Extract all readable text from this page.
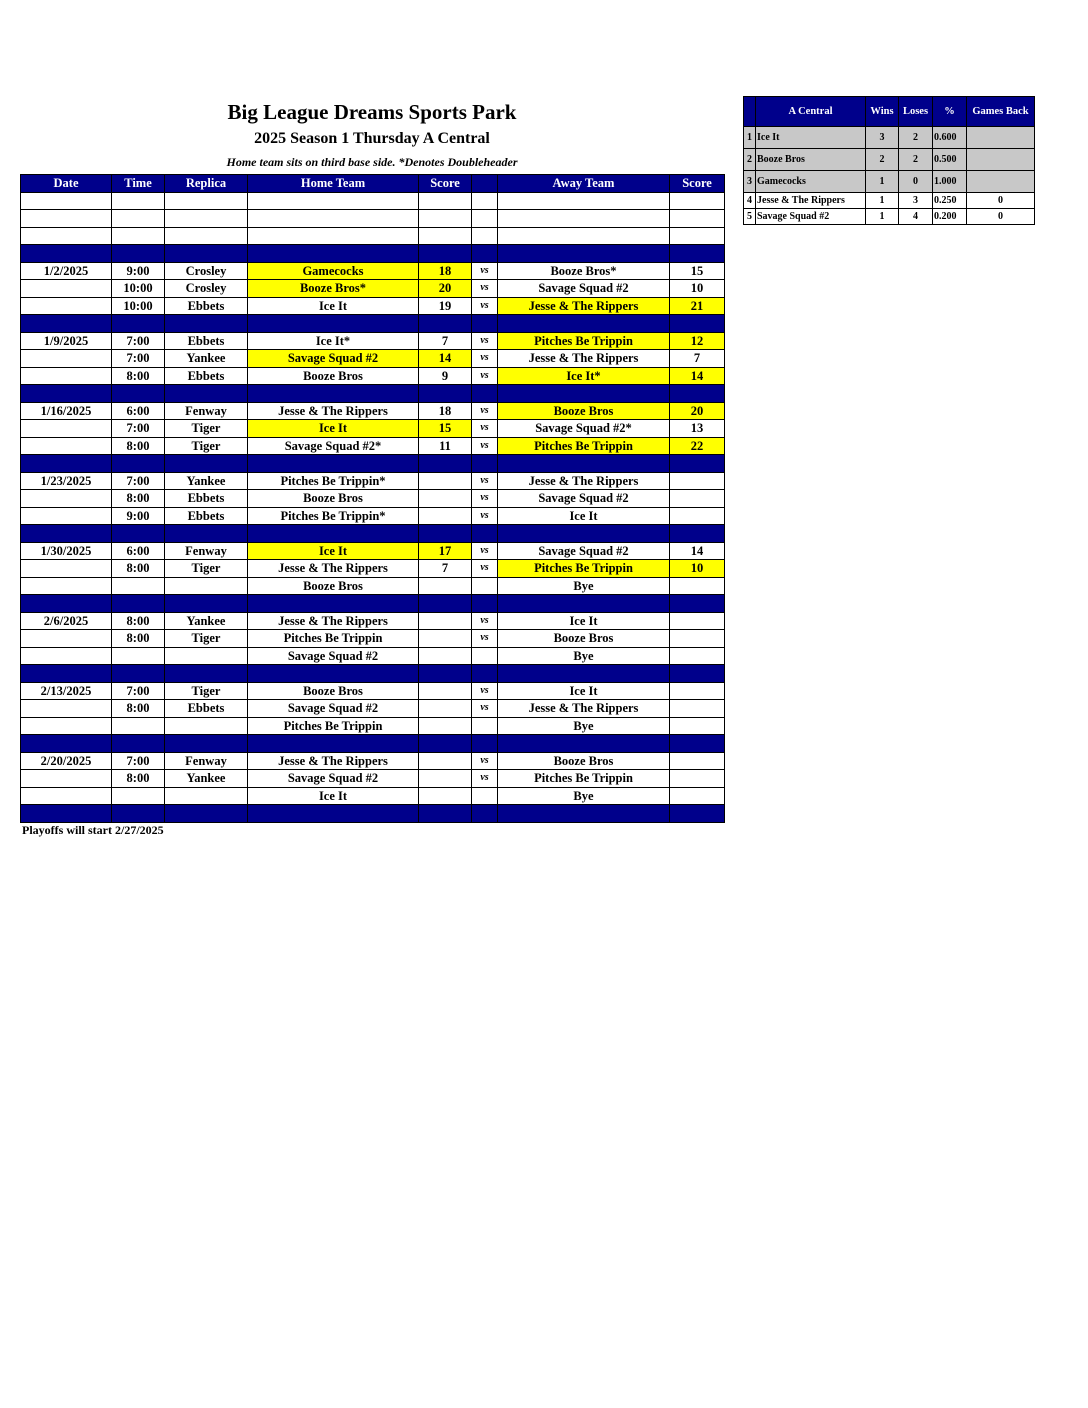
Big League Dreams Sports Park
2025 Season 1 Thursday A Central

Home team sits on third base side. *Denotes Doubleheader

Date	Time	Replica	Home Team	Score		Away Team	Score

1/2/2025	9:00	Crosley	Gamecocks	18	vs	Booze Bros*	15
	10:00	Crosley	Booze Bros*	20	vs	Savage Squad #2	10
	10:00	Ebbets	Ice It	19	vs	Jesse & The Rippers	21

1/9/2025	7:00	Ebbets	Ice It*	7	vs	Pitches Be Trippin	12
	7:00	Yankee	Savage Squad #2	14	vs	Jesse & The Rippers	7
	8:00	Ebbets	Booze Bros	9	vs	Ice It*	14

1/16/2025	6:00	Fenway	Jesse & The Rippers	18	vs	Booze Bros	20
	7:00	Tiger	Ice It	15	vs	Savage Squad #2*	13
	8:00	Tiger	Savage Squad #2*	11	vs	Pitches Be Trippin	22

1/23/2025	7:00	Yankee	Pitches Be Trippin*		vs	Jesse & The Rippers	
	8:00	Ebbets	Booze Bros		vs	Savage Squad #2	
	9:00	Ebbets	Pitches Be Trippin*		vs	Ice It	

1/30/2025	6:00	Fenway	Ice It	17	vs	Savage Squad #2	14
	8:00	Tiger	Jesse & The Rippers	7	vs	Pitches Be Trippin	10
			Booze Bros			Bye	

2/6/2025	8:00	Yankee	Jesse & The Rippers		vs	Ice It	
	8:00	Tiger	Pitches Be Trippin		vs	Booze Bros	
			Savage Squad #2			Bye	

2/13/2025	7:00	Tiger	Booze Bros		vs	Ice It	
	8:00	Ebbets	Savage Squad #2		vs	Jesse & The Rippers	
			Pitches Be Trippin			Bye	

2/20/2025	7:00	Fenway	Jesse & The Rippers		vs	Booze Bros	
	8:00	Yankee	Savage Squad #2		vs	Pitches Be Trippin	
			Ice It			Bye	

Playoffs will start 2/27/2025

	A Central	Wins	Loses	%	Games Back
1	Ice It	3	2	0.600	
2	Booze Bros	2	2	0.500	
3	Gamecocks	1	0	1.000	
4	Jesse & The Rippers	1	3	0.250	0
5	Savage Squad #2	1	4	0.200	0
